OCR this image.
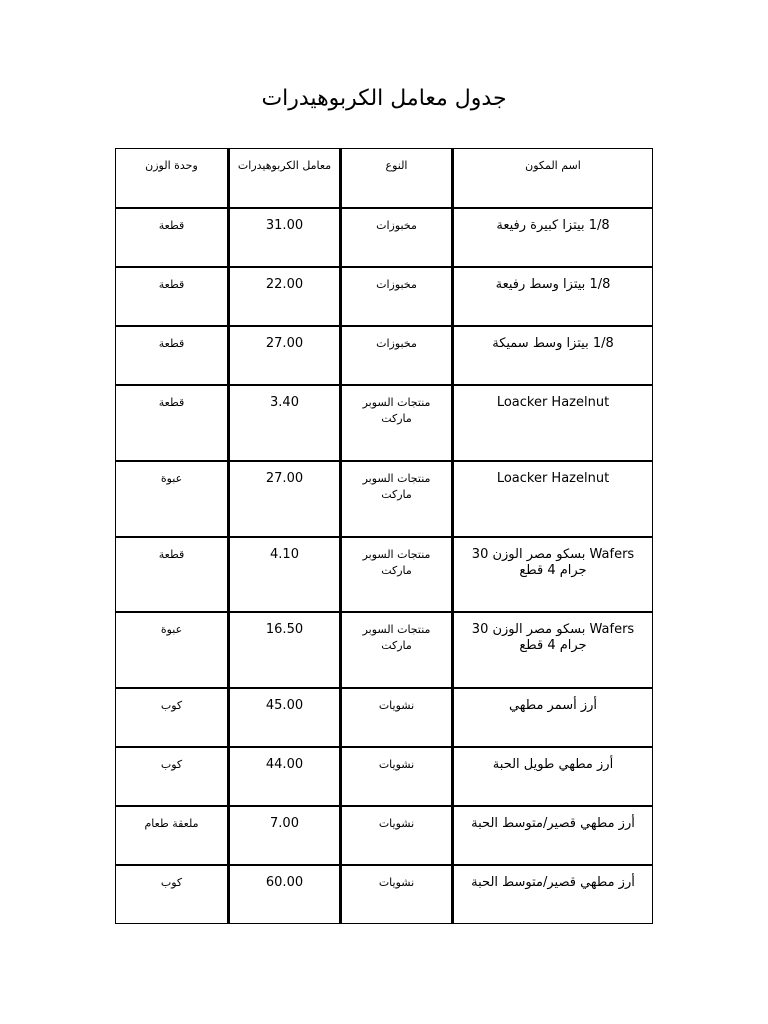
جدول معامل الكربوهيدرات
اسم المكون
النوع
معامل الكربوهيدرات
وحدة الوزن
1/8 بيتزا كبيرة رفيعة
مخبوزات
31.00
قطعة
1/8 بيتزا وسط رفيعة
مخبوزات
22.00
قطعة
1/8 بيتزا وسط سميكة
مخبوزات
27.00
قطعة
Loacker Hazelnut
منتجات السوبر ماركت
3.40
قطعة
Loacker Hazelnut
منتجات السوبر ماركت
27.00
عبوة
Wafers بسكو مصر الوزن 30 جرام 4 قطع
منتجات السوبر ماركت
4.10
قطعة
Wafers بسكو مصر الوزن 30 جرام 4 قطع
منتجات السوبر ماركت
16.50
عبوة
أرز أسمر مطهي
نشويات
45.00
كوب
أرز مطهي طويل الحبة
نشويات
44.00
كوب
أرز مطهي قصير/متوسط الحبة
نشويات
7.00
ملعقة طعام
أرز مطهي قصير/متوسط الحبة
نشويات
60.00
كوب
